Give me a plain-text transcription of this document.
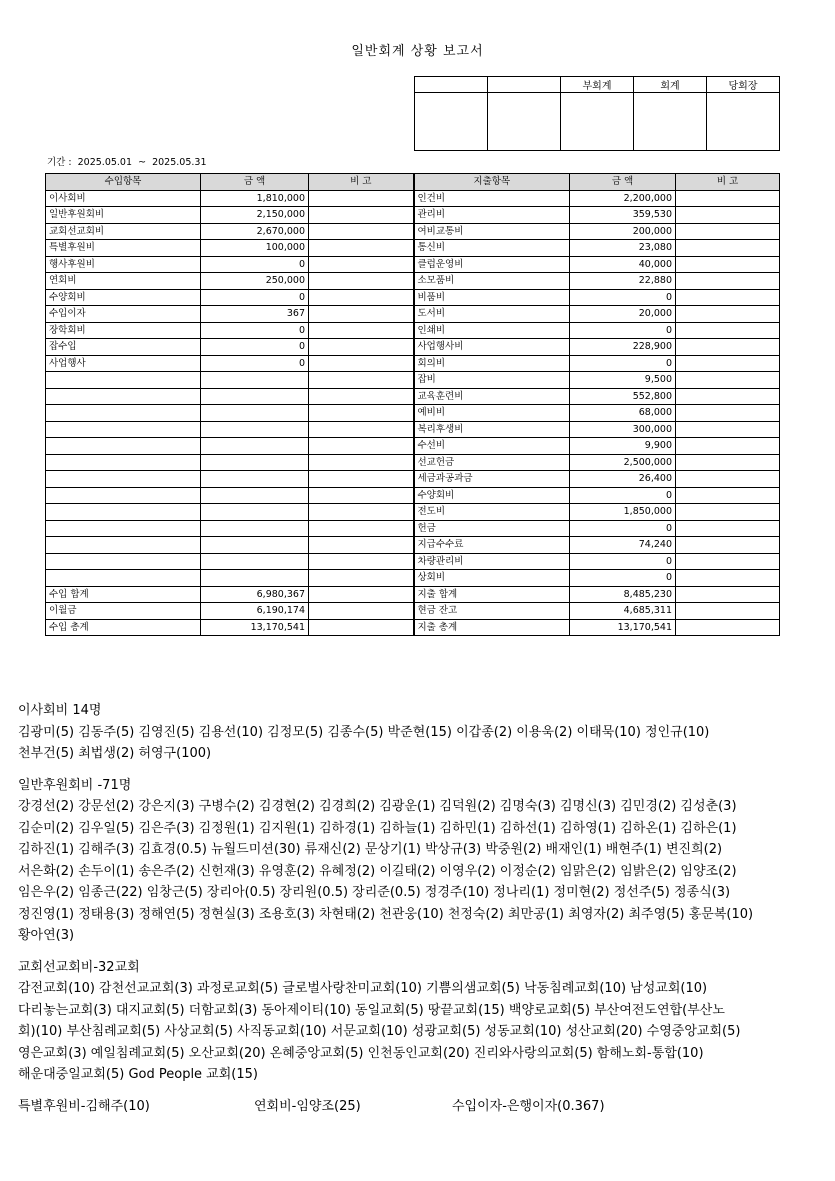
일반회계 상황 보고서
		부회계	회계	당회장

기간 : 2025.05.01 ~ 2025.05.31
수입항목	금 액	비 고	지출항목	금 액	비 고
이사회비	1,810,000		인건비	2,200,000	
일반후원회비	2,150,000		관리비	359,530	
교회선교회비	2,670,000		여비교통비	200,000	
특별후원비	100,000		통신비	23,080	
행사후원비	0		클럽운영비	40,000	
연회비	250,000		소모품비	22,880	
수양회비	0		비품비	0	
수입이자	367		도서비	20,000	
장학회비	0		인쇄비	0	
잡수입	0		사업행사비	228,900	
사업행사	0		회의비	0	
			잡비	9,500	
			교육훈련비	552,800	
			예비비	68,000	
			복리후생비	300,000	
			수선비	9,900	
			선교헌금	2,500,000	
			세금과공과금	26,400	
			수양회비	0	
			전도비	1,850,000	
			헌금	0	
			지급수수료	74,240	
			차량관리비	0	
			상회비	0	
수입 합계	6,980,367		지출 합계	8,485,230	
이월금	6,190,174		현금 잔고	4,685,311	
수입 총계	13,170,541		지출 총계	13,170,541	

이사회비 14명

김광미(5) 김동주(5) 김영진(5) 김용선(10) 김정모(5) 김종수(5) 박준현(15) 이갑종(2) 이용욱(2) 이태묵(10) 정인규(10)

천부건(5) 최법생(2) 허영구(100)

일반후원회비 -71명

강경선(2) 강문선(2) 강은지(3) 구병수(2) 김경현(2) 김경희(2) 김광운(1) 김덕원(2) 김명숙(3) 김명신(3) 김민경(2) 김성춘(3)

김순미(2) 김우일(5) 김은주(3) 김정원(1) 김지원(1) 김하경(1) 김하늘(1) 김하민(1) 김하선(1) 김하영(1) 김하온(1) 김하은(1)

김하진(1) 김해주(3) 김효경(0.5) 뉴월드미션(30) 류재신(2) 문상기(1) 박상규(3) 박중원(2) 배재인(1) 배현주(1) 변진희(2)

서은화(2) 손두이(1) 송은주(2) 신헌재(3) 유영훈(2) 유혜정(2) 이길태(2) 이영우(2) 이정순(2) 임맑은(2) 임밝은(2) 임양조(2)

임은우(2) 임종근(22) 임창근(5) 장리아(0.5) 장리원(0.5) 장리준(0.5) 정경주(10) 정나리(1) 정미현(2) 정선주(5) 정종식(3)

정진영(1) 정태용(3) 정해연(5) 정현실(3) 조용호(3) 차현태(2) 천관웅(10) 천정숙(2) 최만공(1) 최영자(2) 최주영(5) 홍문복(10)

황아연(3)

교회선교회비-32교회

감전교회(10) 감천선교교회(3) 과정로교회(5) 글로벌사랑찬미교회(10) 기쁨의샘교회(5) 낙동침례교회(10) 남성교회(10)

다리놓는교회(3) 대지교회(5) 더함교회(3) 동아제이티(10) 동일교회(5) 땅끝교회(15) 백양로교회(5) 부산여전도연합(부산노

회)(10) 부산침례교회(5) 사상교회(5) 사직동교회(10) 서문교회(10) 성광교회(5) 성동교회(10) 성산교회(20) 수영중앙교회(5)

영은교회(3) 예일침례교회(5) 오산교회(20) 온혜중앙교회(5) 인천동인교회(20) 진리와사랑의교회(5) 함해노회-통합(10)

해운대중일교회(5) God People 교회(15)

특별후원비-김해주(10)	연회비-임양조(25)	수입이자-은행이자(0.367)
